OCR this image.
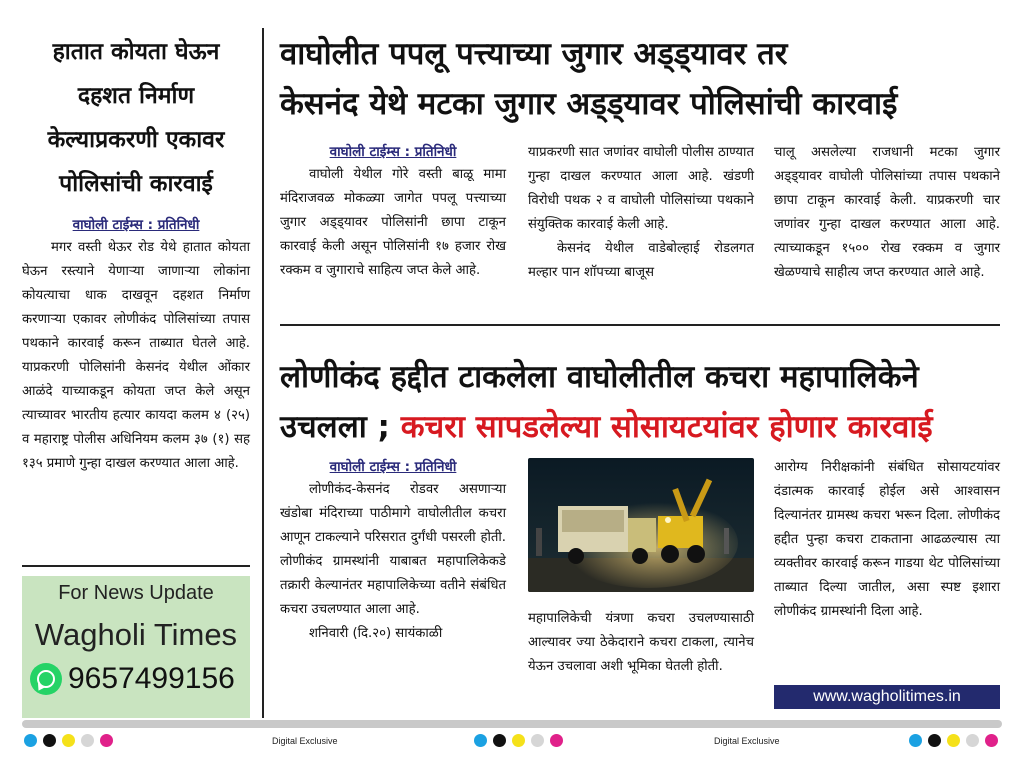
हातात कोयता घेऊन

दहशत निर्माण

केल्याप्रकरणी एकावर

पोलिसांची कारवाई

वाघोली टाईम्स : प्रतिनिधी

मगर वस्ती थेऊर रोड येथे हातात कोयता घेऊन रस्त्याने येणाऱ्या जाणाऱ्या लोकांना कोयत्याचा धाक दाखवून दहशत निर्माण करणाऱ्या एकावर लोणीकंद पोलिसांच्या तपास पथकाने कारवाई करून ताब्यात घेतले आहे. याप्रकरणी पोलिसांनी केसनंद येथील ओंकार आळंदे याच्याकडून कोयता जप्त केले असून त्याच्यावर भारतीय हत्यार कायदा कलम ४ (२५) व महाराष्ट्र पोलीस अधिनियम कलम ३७ (१) सह १३५ प्रमाणे गुन्हा दाखल करण्यात आला आहे.

For News Update
Wagholi Times
9657499156

वाघोलीत पपलू पत्त्याच्या जुगार अड्ड्यावर तर

केसनंद येथे मटका जुगार अड्ड्यावर पोलिसांची कारवाई

वाघोली टाईम्स : प्रतिनिधी

वाघोली येथील गोरे वस्ती बाळू मामा मंदिराजवळ मोकळ्या जागेत पपलू पत्त्याच्या जुगार अड्ड्यावर पोलिसांनी छापा टाकून कारवाई केली असून पोलिसांनी १७ हजार रोख रक्कम व जुगाराचे साहित्य जप्त केले आहे.

याप्रकरणी सात जणांवर वाघोली पोलीस ठाण्यात गुन्हा दाखल करण्यात आला आहे. खंडणी विरोधी पथक २ व वाघोली पोलिसांच्या पथकाने संयुक्तिक कारवाई केली आहे.

केसनंद येथील वाडेबोल्हाई रोडलगत मल्हार पान शॉपच्या बाजूस

चालू असलेल्या राजधानी मटका जुगार अड्ड्यावर वाघोली पोलिसांच्या तपास पथकाने छापा टाकून कारवाई केली. याप्रकरणी चार जणांवर गुन्हा दाखल करण्यात आला आहे. त्याच्याकडून १५०० रोख रक्कम व जुगार खेळण्याचे साहीत्य जप्त करण्यात आले आहे.

लोणीकंद हद्दीत टाकलेला वाघोलीतील कचरा महापालिकेने

उचलला ; कचरा सापडलेल्या सोसायटयांवर होणार कारवाई

वाघोली टाईम्स : प्रतिनिधी

लोणीकंद-केसनंद रोडवर असणाऱ्या खंडोबा मंदिराच्या पाठीमागे वाघोलीतील कचरा आणून टाकल्याने परिसरात दुर्गंधी पसरली होती. लोणीकंद ग्रामस्थांनी याबाबत महापालिकेकडे तक्रारी केल्यानंतर महापालिकेच्या वतीने संबंधित कचरा उचलण्यात आला आहे.

शनिवारी (दि.२०) सायंकाळी

महापालिकेची यंत्रणा कचरा उचलण्यासाठी आल्यावर ज्या ठेकेदाराने कचरा टाकला, त्यानेच येऊन उचलावा अशी भूमिका घेतली होती.

आरोग्य निरीक्षकांनी संबंधित सोसायटयांवर दंडात्मक कारवाई होईल असे आश्वासन दिल्यानंतर ग्रामस्थ कचरा भरून दिला. लोणीकंद हद्दीत पुन्हा कचरा टाकताना आढळल्यास त्या व्यक्तीवर कारवाई करून गाडया थेट पोलिसांच्या ताब्यात दिल्या जातील, असा स्पष्ट इशारा लोणीकंद ग्रामस्थांनी दिला आहे.

www.wagholitimes.in
Digital Exclusive	Digital Exclusive
